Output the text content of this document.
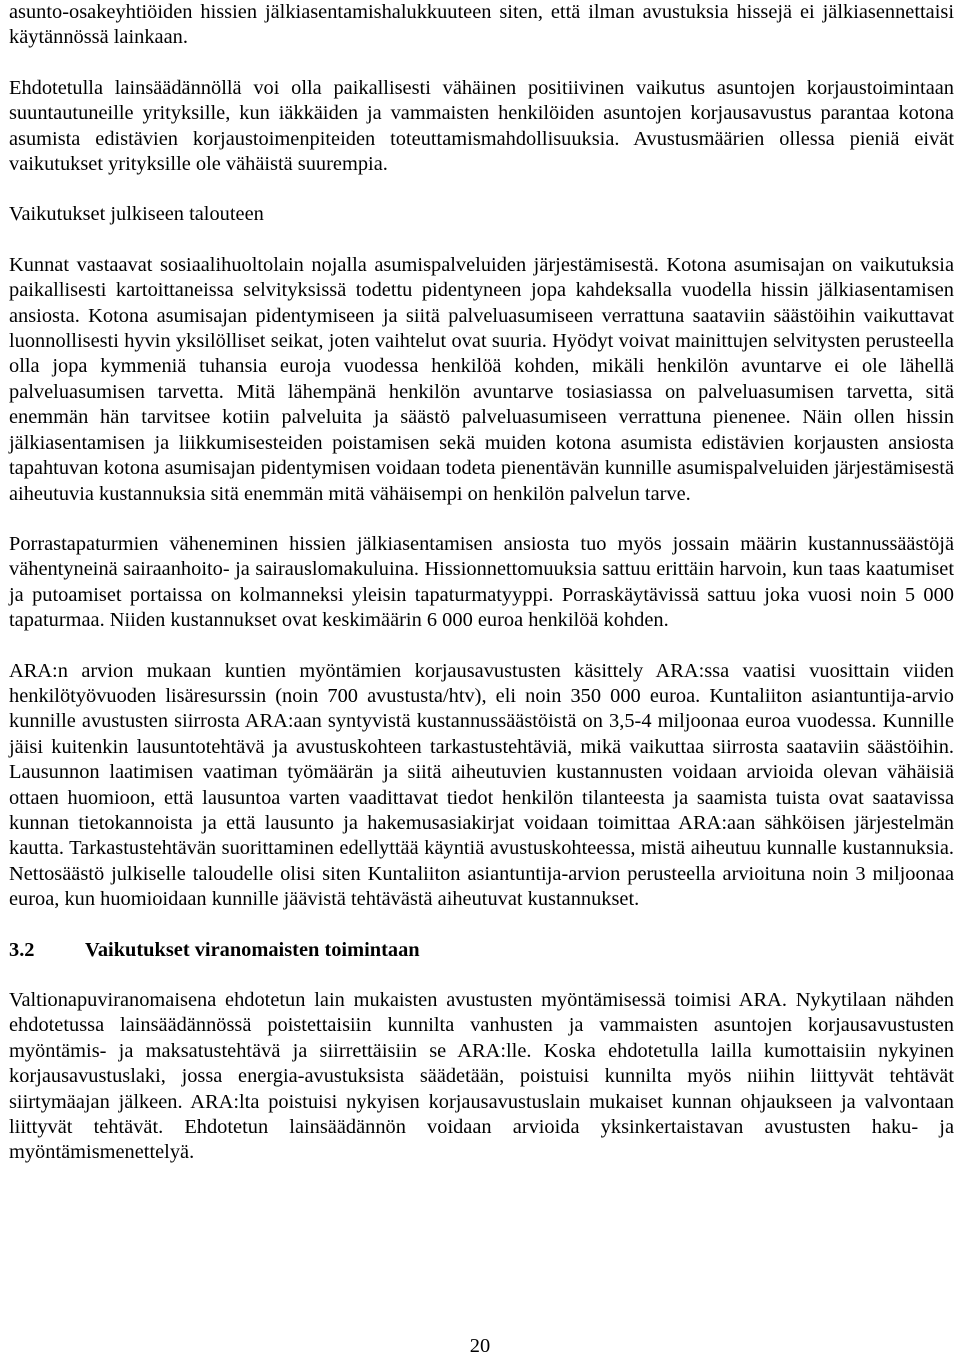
asunto-osakeyhtiöiden hissien jälkiasentamishalukkuuteen siten, että ilman avustuksia hissejä ei jälkiasennettaisi käytännössä lainkaan.

Ehdotetulla lainsäädännöllä voi olla paikallisesti vähäinen positiivinen vaikutus asuntojen korjaustoimintaan suuntautuneille yrityksille, kun iäkkäiden ja vammaisten henkilöiden asuntojen korjausavustus parantaa kotona asumista edistävien korjaustoimenpiteiden toteuttamismahdollisuuksia. Avustusmäärien ollessa pieniä eivät vaikutukset yrityksille ole vähäistä suurempia.

Vaikutukset julkiseen talouteen

Kunnat vastaavat sosiaalihuoltolain nojalla asumispalveluiden järjestämisestä. Kotona asumisajan on vaikutuksia paikallisesti kartoittaneissa selvityksissä todettu pidentyneen jopa kahdeksalla vuodella hissin jälkiasentamisen ansiosta. Kotona asumisajan pidentymiseen ja siitä palveluasumiseen verrattuna saataviin säästöihin vaikuttavat luonnollisesti hyvin yksilölliset seikat, joten vaihtelut ovat suuria. Hyödyt voivat mainittujen selvitysten perusteella olla jopa kymmeniä tuhansia euroja vuodessa henkilöä kohden, mikäli henkilön avuntarve ei ole lähellä palveluasumisen tarvetta. Mitä lähempänä henkilön avuntarve tosiasiassa on palveluasumisen tarvetta, sitä enemmän hän tarvitsee kotiin palveluita ja säästö palveluasumiseen verrattuna pienenee. Näin ollen hissin jälkiasentamisen ja liikkumisesteiden poistamisen sekä muiden kotona asumista edistävien korjausten ansiosta tapahtuvan kotona asumisajan pidentymisen voidaan todeta pienentävän kunnille asumispalveluiden järjestämisestä aiheutuvia kustannuksia sitä enemmän mitä vähäisempi on henkilön palvelun tarve.

Porrastapaturmien väheneminen hissien jälkiasentamisen ansiosta tuo myös jossain määrin kustannussäästöjä vähentyneinä sairaanhoito- ja sairauslomakuluina. Hissionnettomuuksia sattuu erittäin harvoin, kun taas kaatumiset ja putoamiset portaissa on kolmanneksi yleisin tapaturmatyyppi. Porraskäytävissä sattuu joka vuosi noin 5 000 tapaturmaa. Niiden kustannukset ovat keskimäärin 6 000 euroa henkilöä kohden.

ARA:n arvion mukaan kuntien myöntämien korjausavustusten käsittely ARA:ssa vaatisi vuosittain viiden henkilötyövuoden lisäresurssin (noin 700 avustusta/htv), eli noin 350 000 euroa. Kuntaliiton asiantuntija-arvio kunnille avustusten siirrosta ARA:aan syntyvistä kustannussäästöistä on 3,5-4 miljoonaa euroa vuodessa. Kunnille jäisi kuitenkin lausuntotehtävä ja avustuskohteen tarkastustehtäviä, mikä vaikuttaa siirrosta saataviin säästöihin. Lausunnon laatimisen vaatiman työmäärän ja siitä aiheutuvien kustannusten voidaan arvioida olevan vähäisiä ottaen huomioon, että lausuntoa varten vaadittavat tiedot henkilön tilanteesta ja saamista tuista ovat saatavissa kunnan tietokannoista ja että lausunto ja hakemusasiakirjat voidaan toimittaa ARA:aan sähköisen järjestelmän kautta. Tarkastustehtävän suorittaminen edellyttää käyntiä avustuskohteessa, mistä aiheutuu kunnalle kustannuksia. Nettosäästö julkiselle taloudelle olisi siten Kuntaliiton asiantuntija-arvion perusteella arvioituna noin 3 miljoonaa euroa, kun huomioidaan kunnille jäävistä tehtävästä aiheutuvat kustannukset.

3.2	Vaikutukset viranomaisten toimintaan

Valtionapuviranomaisena ehdotetun lain mukaisten avustusten myöntämisessä toimisi ARA. Nykytilaan nähden ehdotetussa lainsäädännössä poistettaisiin kunnilta vanhusten ja vammaisten asuntojen korjausavustusten myöntämis- ja maksatustehtävä ja siirrettäisiin se ARA:lle. Koska ehdotetulla lailla kumottaisiin nykyinen korjausavustuslaki, jossa energia-avustuksista säädetään, poistuisi kunnilta myös niihin liittyvät tehtävät siirtymäajan jälkeen. ARA:lta poistuisi nykyisen korjausavustuslain mukaiset kunnan ohjaukseen ja valvontaan liittyvät tehtävät. Ehdotetun lainsäädännön voidaan arvioida yksinkertaistavan avustusten haku- ja myöntämismenettelyä.

20
